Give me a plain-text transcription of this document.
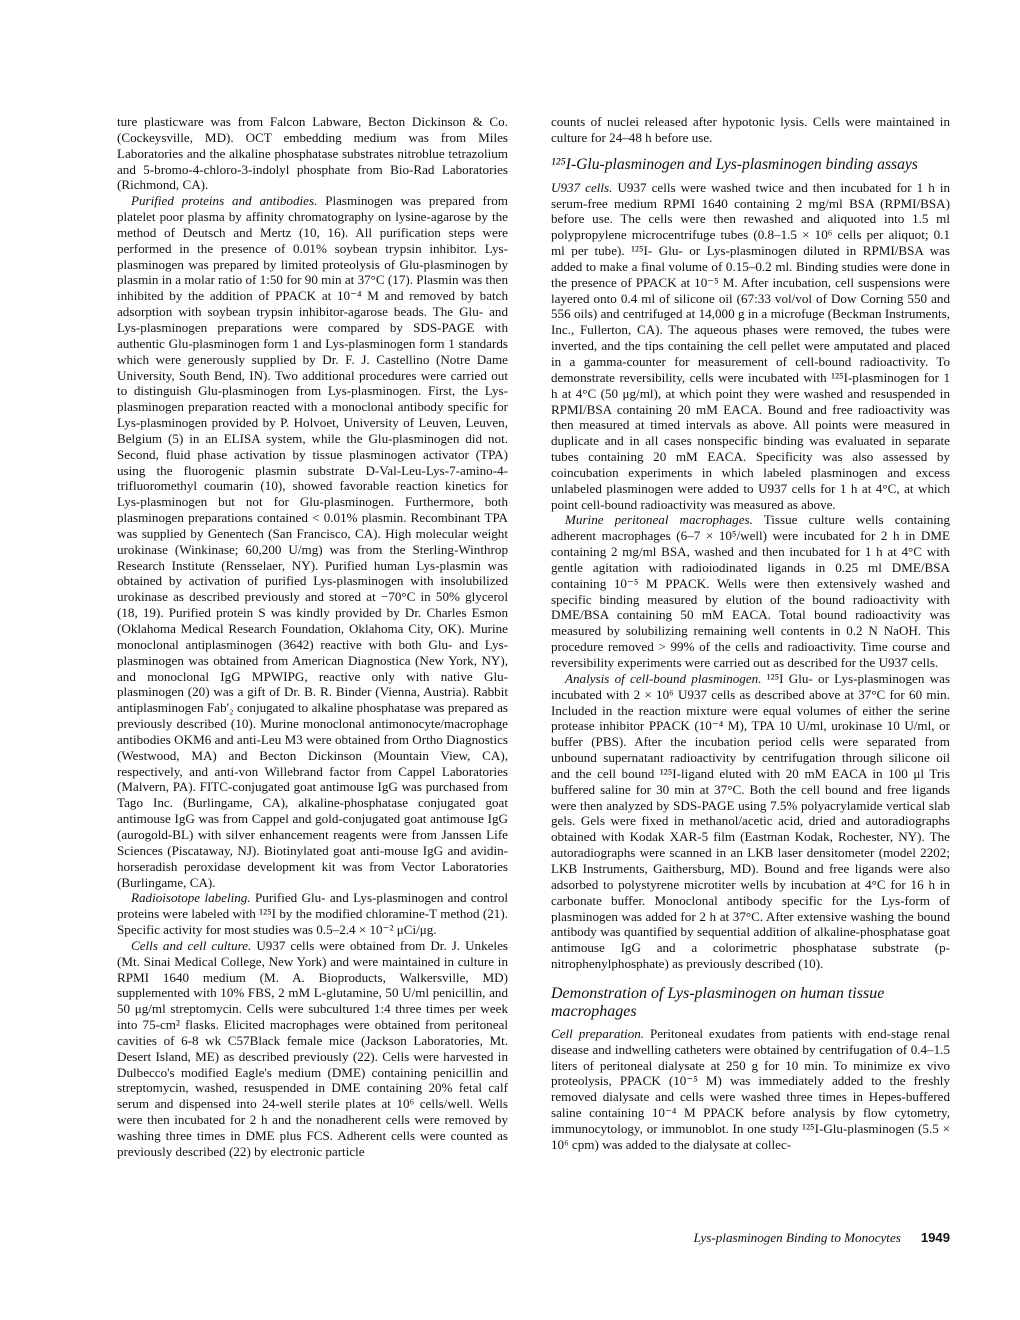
ture plasticware was from Falcon Labware, Becton Dickinson & Co. (Cockeysville, MD). OCT embedding medium was from Miles Laboratories and the alkaline phosphatase substrates nitroblue tetrazolium and 5-bromo-4-chloro-3-indolyl phosphate from Bio-Rad Laboratories (Richmond, CA).

Purified proteins and antibodies. Plasminogen was prepared from platelet poor plasma by affinity chromatography on lysine-agarose by the method of Deutsch and Mertz (10, 16). All purification steps were performed in the presence of 0.01% soybean trypsin inhibitor. Lys-plasminogen was prepared by limited proteolysis of Glu-plasminogen by plasmin in a molar ratio of 1:50 for 90 min at 37°C (17). Plasmin was then inhibited by the addition of PPACK at 10⁻⁴ M and removed by batch adsorption with soybean trypsin inhibitor-agarose beads. The Glu- and Lys-plasminogen preparations were compared by SDS-PAGE with authentic Glu-plasminogen form 1 and Lys-plasminogen form 1 standards which were generously supplied by Dr. F. J. Castellino (Notre Dame University, South Bend, IN). Two additional procedures were carried out to distinguish Glu-plasminogen from Lys-plasminogen. First, the Lys-plasminogen preparation reacted with a monoclonal antibody specific for Lys-plasminogen provided by P. Holvoet, University of Leuven, Leuven, Belgium (5) in an ELISA system, while the Glu-plasminogen did not. Second, fluid phase activation by tissue plasminogen activator (TPA) using the fluorogenic plasmin substrate D-Val-Leu-Lys-7-amino-4-trifluoromethyl coumarin (10), showed favorable reaction kinetics for Lys-plasminogen but not for Glu-plasminogen. Furthermore, both plasminogen preparations contained < 0.01% plasmin. Recombinant TPA was supplied by Genentech (San Francisco, CA). High molecular weight urokinase (Winkinase; 60,200 U/mg) was from the Sterling-Winthrop Research Institute (Rensselaer, NY). Purified human Lys-plasmin was obtained by activation of purified Lys-plasminogen with insolubilized urokinase as described previously and stored at −70°C in 50% glycerol (18, 19). Purified protein S was kindly provided by Dr. Charles Esmon (Oklahoma Medical Research Foundation, Oklahoma City, OK). Murine monoclonal antiplasminogen (3642) reactive with both Glu- and Lys-plasminogen was obtained from American Diagnostica (New York, NY), and monoclonal IgG MPWIPG, reactive only with native Glu-plasminogen (20) was a gift of Dr. B. R. Binder (Vienna, Austria). Rabbit antiplasminogen Fab'₂ conjugated to alkaline phosphatase was prepared as previously described (10). Murine monoclonal antimonocyte/macrophage antibodies OKM6 and anti-Leu M3 were obtained from Ortho Diagnostics (Westwood, MA) and Becton Dickinson (Mountain View, CA), respectively, and anti-von Willebrand factor from Cappel Laboratories (Malvern, PA). FITC-conjugated goat antimouse IgG was purchased from Tago Inc. (Burlingame, CA), alkaline-phosphatase conjugated goat antimouse IgG was from Cappel and gold-conjugated goat antimouse IgG (aurogold-BL) with silver enhancement reagents were from Janssen Life Sciences (Piscataway, NJ). Biotinylated goat anti-mouse IgG and avidin-horseradish peroxidase development kit was from Vector Laboratories (Burlingame, CA).

Radioisotope labeling. Purified Glu- and Lys-plasminogen and control proteins were labeled with ¹²⁵I by the modified chloramine-T method (21). Specific activity for most studies was 0.5–2.4 × 10⁻² μCi/μg.

Cells and cell culture. U937 cells were obtained from Dr. J. Unkeles (Mt. Sinai Medical College, New York) and were maintained in culture in RPMI 1640 medium (M. A. Bioproducts, Walkersville, MD) supplemented with 10% FBS, 2 mM L-glutamine, 50 U/ml penicillin, and 50 μg/ml streptomycin. Cells were subcultured 1:4 three times per week into 75-cm² flasks. Elicited macrophages were obtained from peritoneal cavities of 6-8 wk C57Black female mice (Jackson Laboratories, Mt. Desert Island, ME) as described previously (22). Cells were harvested in Dulbecco's modified Eagle's medium (DME) containing penicillin and streptomycin, washed, resuspended in DME containing 20% fetal calf serum and dispensed into 24-well sterile plates at 10⁶ cells/well. Wells were then incubated for 2 h and the nonadherent cells were removed by washing three times in DME plus FCS. Adherent cells were counted as previously described (22) by electronic particle

counts of nuclei released after hypotonic lysis. Cells were maintained in culture for 24–48 h before use.

¹²⁵I-Glu-plasminogen and Lys-plasminogen binding assays

U937 cells. U937 cells were washed twice and then incubated for 1 h in serum-free medium RPMI 1640 containing 2 mg/ml BSA (RPMI/BSA) before use. The cells were then rewashed and aliquoted into 1.5 ml polypropylene microcentrifuge tubes (0.8–1.5 × 10⁶ cells per aliquot; 0.1 ml per tube). ¹²⁵I- Glu- or Lys-plasminogen diluted in RPMI/BSA was added to make a final volume of 0.15–0.2 ml. Binding studies were done in the presence of PPACK at 10⁻⁵ M. After incubation, cell suspensions were layered onto 0.4 ml of silicone oil (67:33 vol/vol of Dow Corning 550 and 556 oils) and centrifuged at 14,000 g in a microfuge (Beckman Instruments, Inc., Fullerton, CA). The aqueous phases were removed, the tubes were inverted, and the tips containing the cell pellet were amputated and placed in a gamma-counter for measurement of cell-bound radioactivity. To demonstrate reversibility, cells were incubated with ¹²⁵I-plasminogen for 1 h at 4°C (50 μg/ml), at which point they were washed and resuspended in RPMI/BSA containing 20 mM EACA. Bound and free radioactivity was then measured at timed intervals as above. All points were measured in duplicate and in all cases nonspecific binding was evaluated in separate tubes containing 20 mM EACA. Specificity was also assessed by coincubation experiments in which labeled plasminogen and excess unlabeled plasminogen were added to U937 cells for 1 h at 4°C, at which point cell-bound radioactivity was measured as above.

Murine peritoneal macrophages. Tissue culture wells containing adherent macrophages (6–7 × 10⁵/well) were incubated for 2 h in DME containing 2 mg/ml BSA, washed and then incubated for 1 h at 4°C with gentle agitation with radioiodinated ligands in 0.25 ml DME/BSA containing 10⁻⁵ M PPACK. Wells were then extensively washed and specific binding measured by elution of the bound radioactivity with DME/BSA containing 50 mM EACA. Total bound radioactivity was measured by solubilizing remaining well contents in 0.2 N NaOH. This procedure removed > 99% of the cells and radioactivity. Time course and reversibility experiments were carried out as described for the U937 cells.

Analysis of cell-bound plasminogen. ¹²⁵I Glu- or Lys-plasminogen was incubated with 2 × 10⁶ U937 cells as described above at 37°C for 60 min. Included in the reaction mixture were equal volumes of either the serine protease inhibitor PPACK (10⁻⁴ M), TPA 10 U/ml, urokinase 10 U/ml, or buffer (PBS). After the incubation period cells were separated from unbound supernatant radioactivity by centrifugation through silicone oil and the cell bound ¹²⁵I-ligand eluted with 20 mM EACA in 100 μl Tris buffered saline for 30 min at 37°C. Both the cell bound and free ligands were then analyzed by SDS-PAGE using 7.5% polyacrylamide vertical slab gels. Gels were fixed in methanol/acetic acid, dried and autoradiographs obtained with Kodak XAR-5 film (Eastman Kodak, Rochester, NY). The autoradiographs were scanned in an LKB laser densitometer (model 2202; LKB Instruments, Gaithersburg, MD). Bound and free ligands were also adsorbed to polystyrene microtiter wells by incubation at 4°C for 16 h in carbonate buffer. Monoclonal antibody specific for the Lys-form of plasminogen was added for 2 h at 37°C. After extensive washing the bound antibody was quantified by sequential addition of alkaline-phosphatase goat antimouse IgG and a colorimetric phosphatase substrate (p-nitrophenylphosphate) as previously described (10).

Demonstration of Lys-plasminogen on human tissue macrophages

Cell preparation. Peritoneal exudates from patients with end-stage renal disease and indwelling catheters were obtained by centrifugation of 0.4–1.5 liters of peritoneal dialysate at 250 g for 10 min. To minimize ex vivo proteolysis, PPACK (10⁻⁵ M) was immediately added to the freshly removed dialysate and cells were washed three times in Hepes-buffered saline containing 10⁻⁴ M PPACK before analysis by flow cytometry, immunocytology, or immunoblot. In one study ¹²⁵I-Glu-plasminogen (5.5 × 10⁶ cpm) was added to the dialysate at collec-

Lys-plasminogen Binding to Monocytes 1949
